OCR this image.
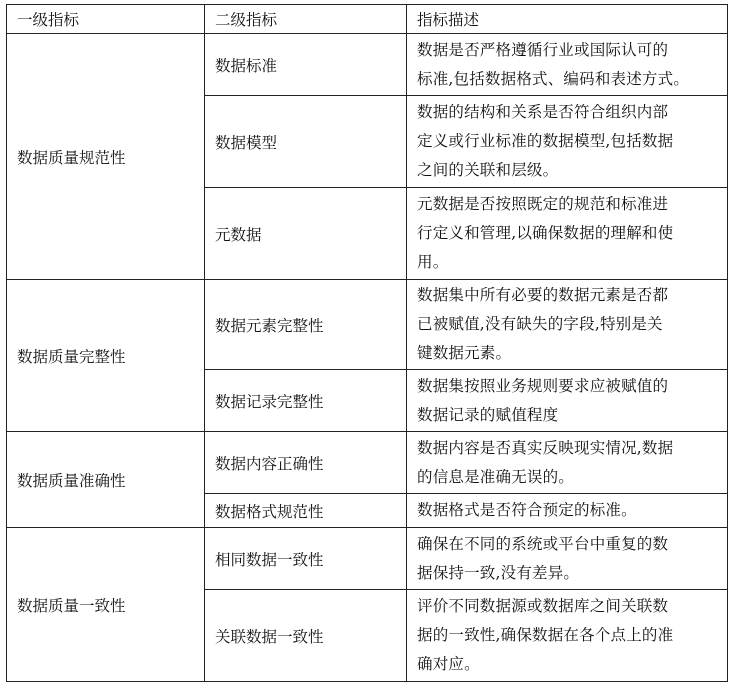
一级指标	二级指标	指标描述
数据质量规范性	数据标准	数据是否严格遵循行业或国际认可的
标准,包括数据格式、编码和表述方式。

	数据模型	数据的结构和关系是否符合组织内部
定义或行业标准的数据模型,包括数据
之间的关联和层级。

	元数据	元数据是否按照既定的规范和标准进
行定义和管理,以确保数据的理解和使
用。

数据质量完整性	数据元素完整性	数据集中所有必要的数据元素是否都
已被赋值,没有缺失的字段,特别是关
键数据元素。

	数据记录完整性	数据集按照业务规则要求应被赋值的
数据记录的赋值程度

数据质量准确性	数据内容正确性	数据内容是否真实反映现实情况,数据
的信息是准确无误的。

	数据格式规范性	数据格式是否符合预定的标准。

数据质量一致性	相同数据一致性	确保在不同的系统或平台中重复的数
据保持一致,没有差异。

	关联数据一致性	评价不同数据源或数据库之间关联数
据的一致性,确保数据在各个点上的准
确对应。
